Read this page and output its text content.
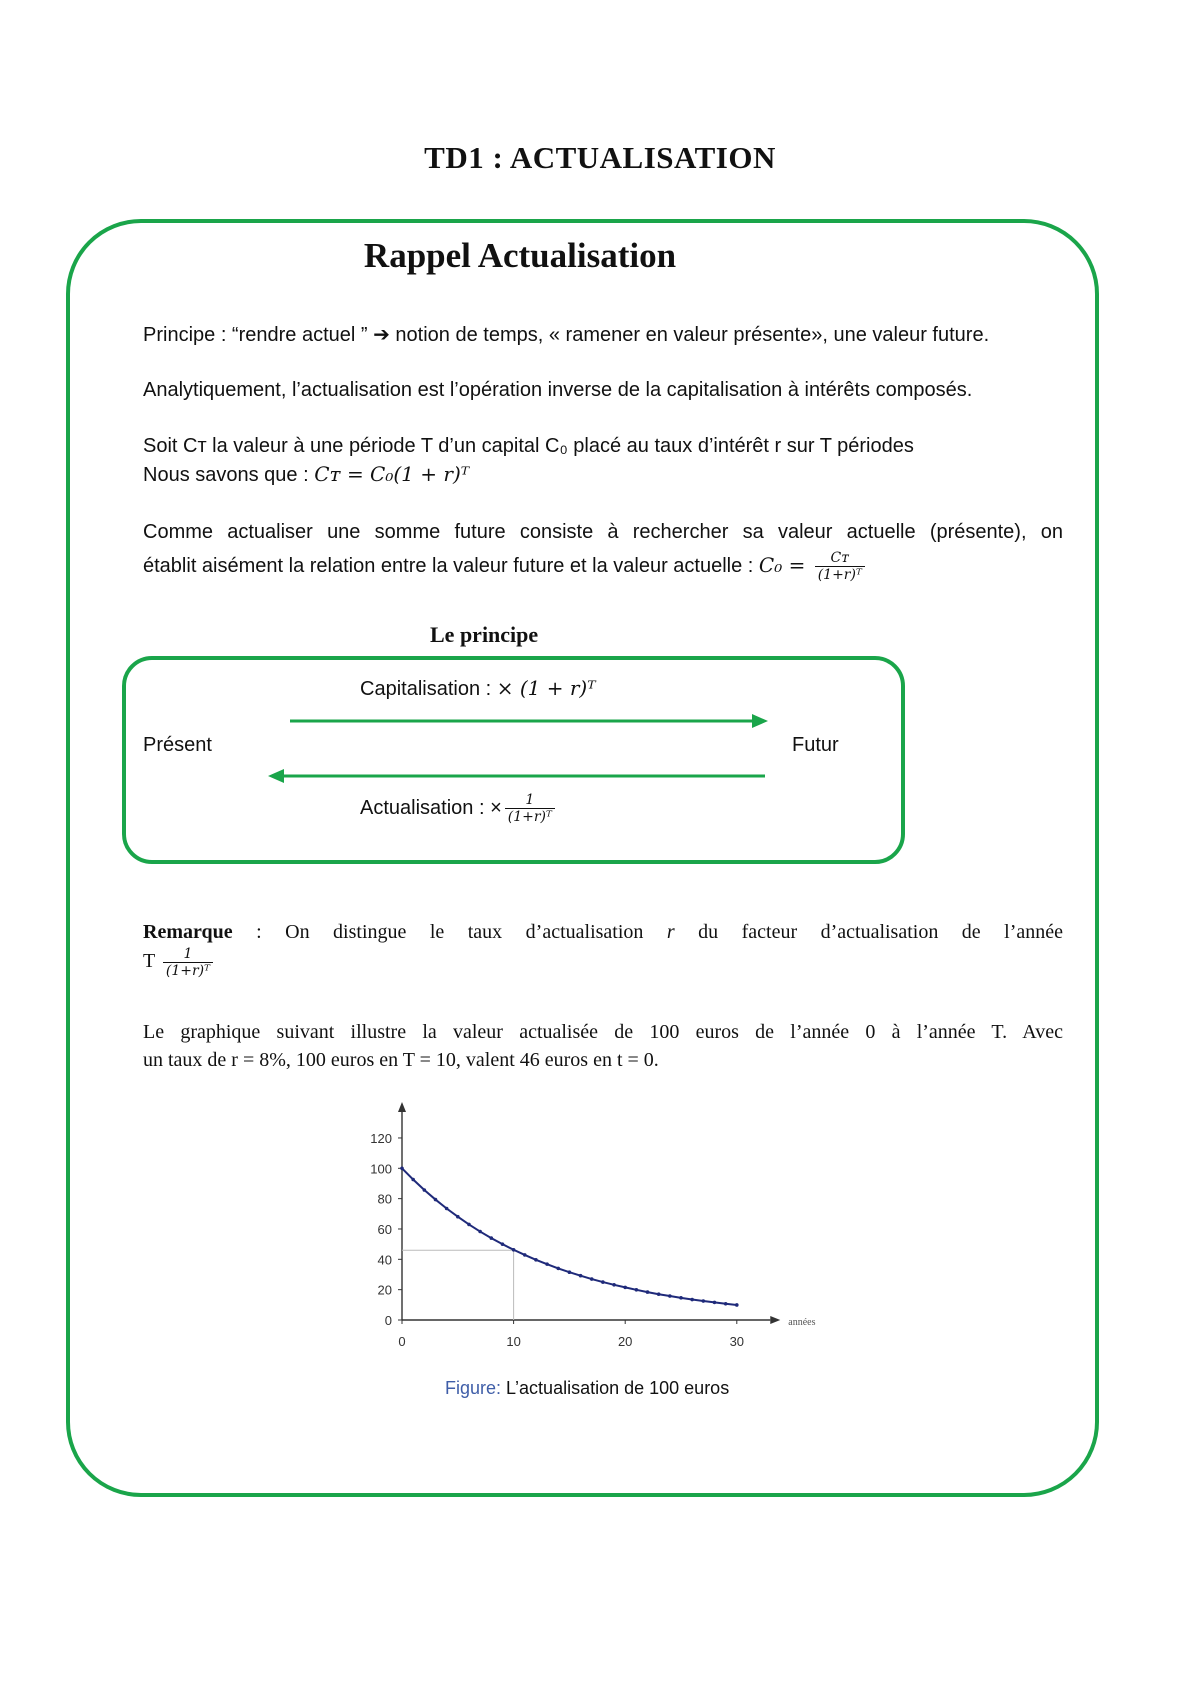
TD1 : ACTUALISATION
Rappel Actualisation
Principe : “rendre actuel ” ➔ notion de temps, « ramener en valeur présente», une valeur future.
Analytiquement, l’actualisation est l’opération inverse de la capitalisation à intérêts composés.
Soit Cт la valeur à une période T d’un capital C₀ placé au taux d’intérêt r sur T périodes
Nous savons que : Cᴛ = C₀(1 + r)ᵀ
Comme actualiser une somme future consiste à rechercher sa valeur actuelle (présente), on
établit aisément la relation entre la valeur future et la valeur actuelle : $C_0 = \frac{\text{Cᴛ}}{\text{(1+r)ᵀ}}$
Le principe
Capitalisation : × (1 + r)ᵀ
Présent	Futur
Actualisation : × $\frac{1}{\text{(1+r)ᵀ}}$
Remarque : On distingue le taux d’actualisation r du facteur d’actualisation de l’année
T $\frac{1}{\text{(1+r)ᵀ}}$
Le graphique suivant illustre la valeur actualisée de 100 euros de l’année 0 à l’année T. Avec
un taux de r = 8%, 100 euros en T = 10, valent 46 euros en t = 0.
0
20
40
60
80
100
120
0	10	20	30
années
Figure: L’actualisation de 100 euros
